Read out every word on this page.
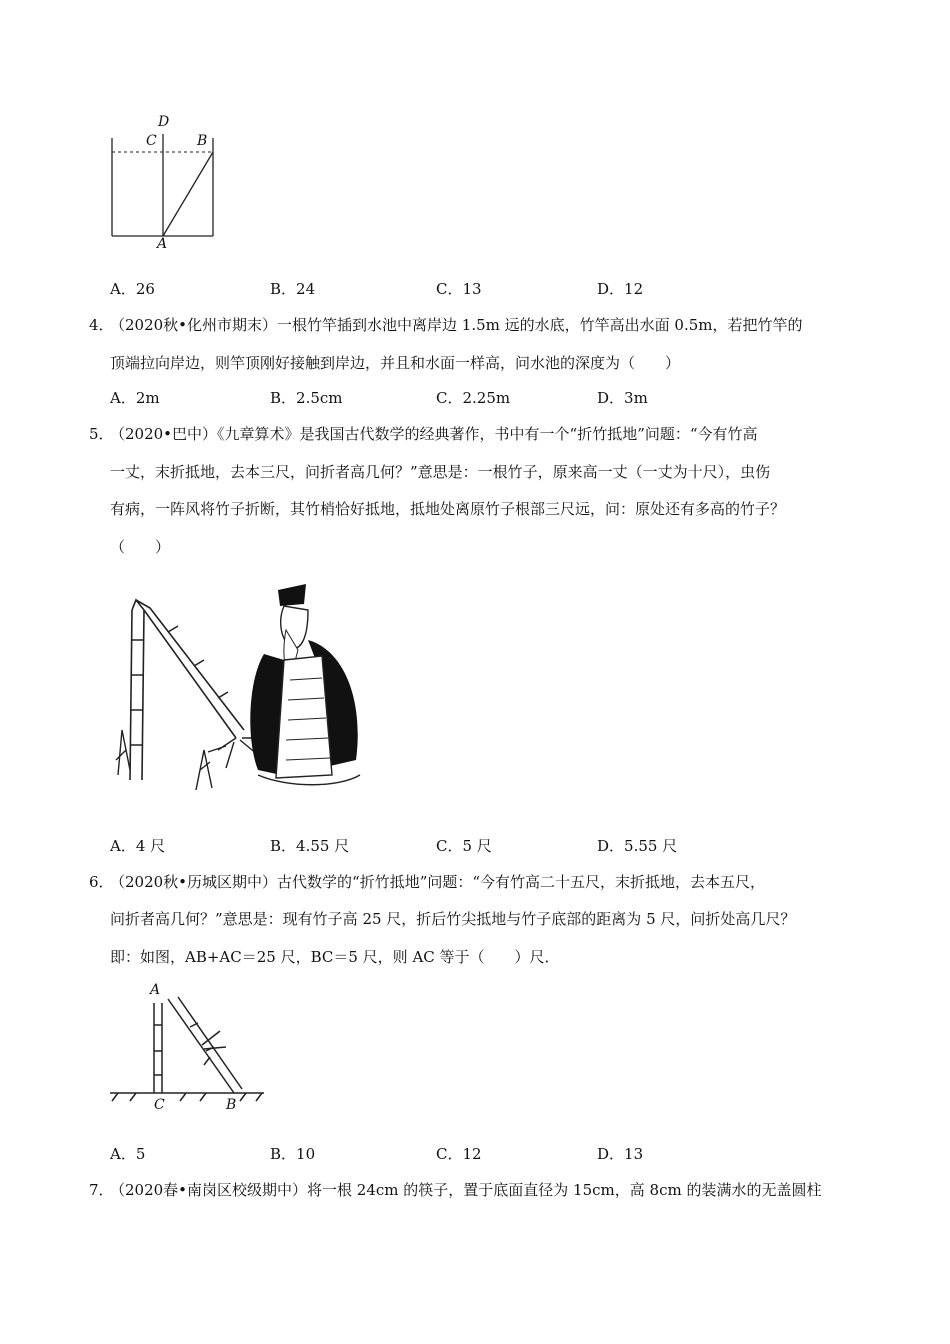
D
C	B
A
A．26	B．24	C．13	D．12
4．
（2020秋•化州市期末）一根竹竿插到水池中离岸边 1.5m 远的水底，竹竿高出水面 0.5m，若把竹竿的
顶端拉向岸边，则竿顶刚好接触到岸边，并且和水面一样高，问水池的深度为（　　）
A．2m	B．2.5cm	C．2.25m	D．3m
5．
（2020•巴中）《九章算术》是我国古代数学的经典著作，书中有一个“折竹抵地”问题：“今有竹高
一丈，末折抵地，去本三尺，问折者高几何？”意思是：一根竹子，原来高一丈（一丈为十尺），虫伤
有病，一阵风将竹子折断，其竹梢恰好抵地，抵地处离原竹子根部三尺远，问：原处还有多高的竹子？
（　　）
A．4 尺	B．4.55 尺	C．5 尺	D．5.55 尺
6．
（2020秋•历城区期中）古代数学的“折竹抵地”问题：“今有竹高二十五尺，末折抵地，去本五尺，
问折者高几何？”意思是：现有竹子高 25 尺，折后竹尖抵地与竹子底部的距离为 5 尺，问折处高几尺？
即：如图，AB+AC＝25 尺，BC＝5 尺，则 AC 等于（　　）尺．
A
C	B
A．5	B．10	C．12	D．13
7．
（2020春•南岗区校级期中）将一根 24cm 的筷子，置于底面直径为 15cm，高 8cm 的装满水的无盖圆柱
